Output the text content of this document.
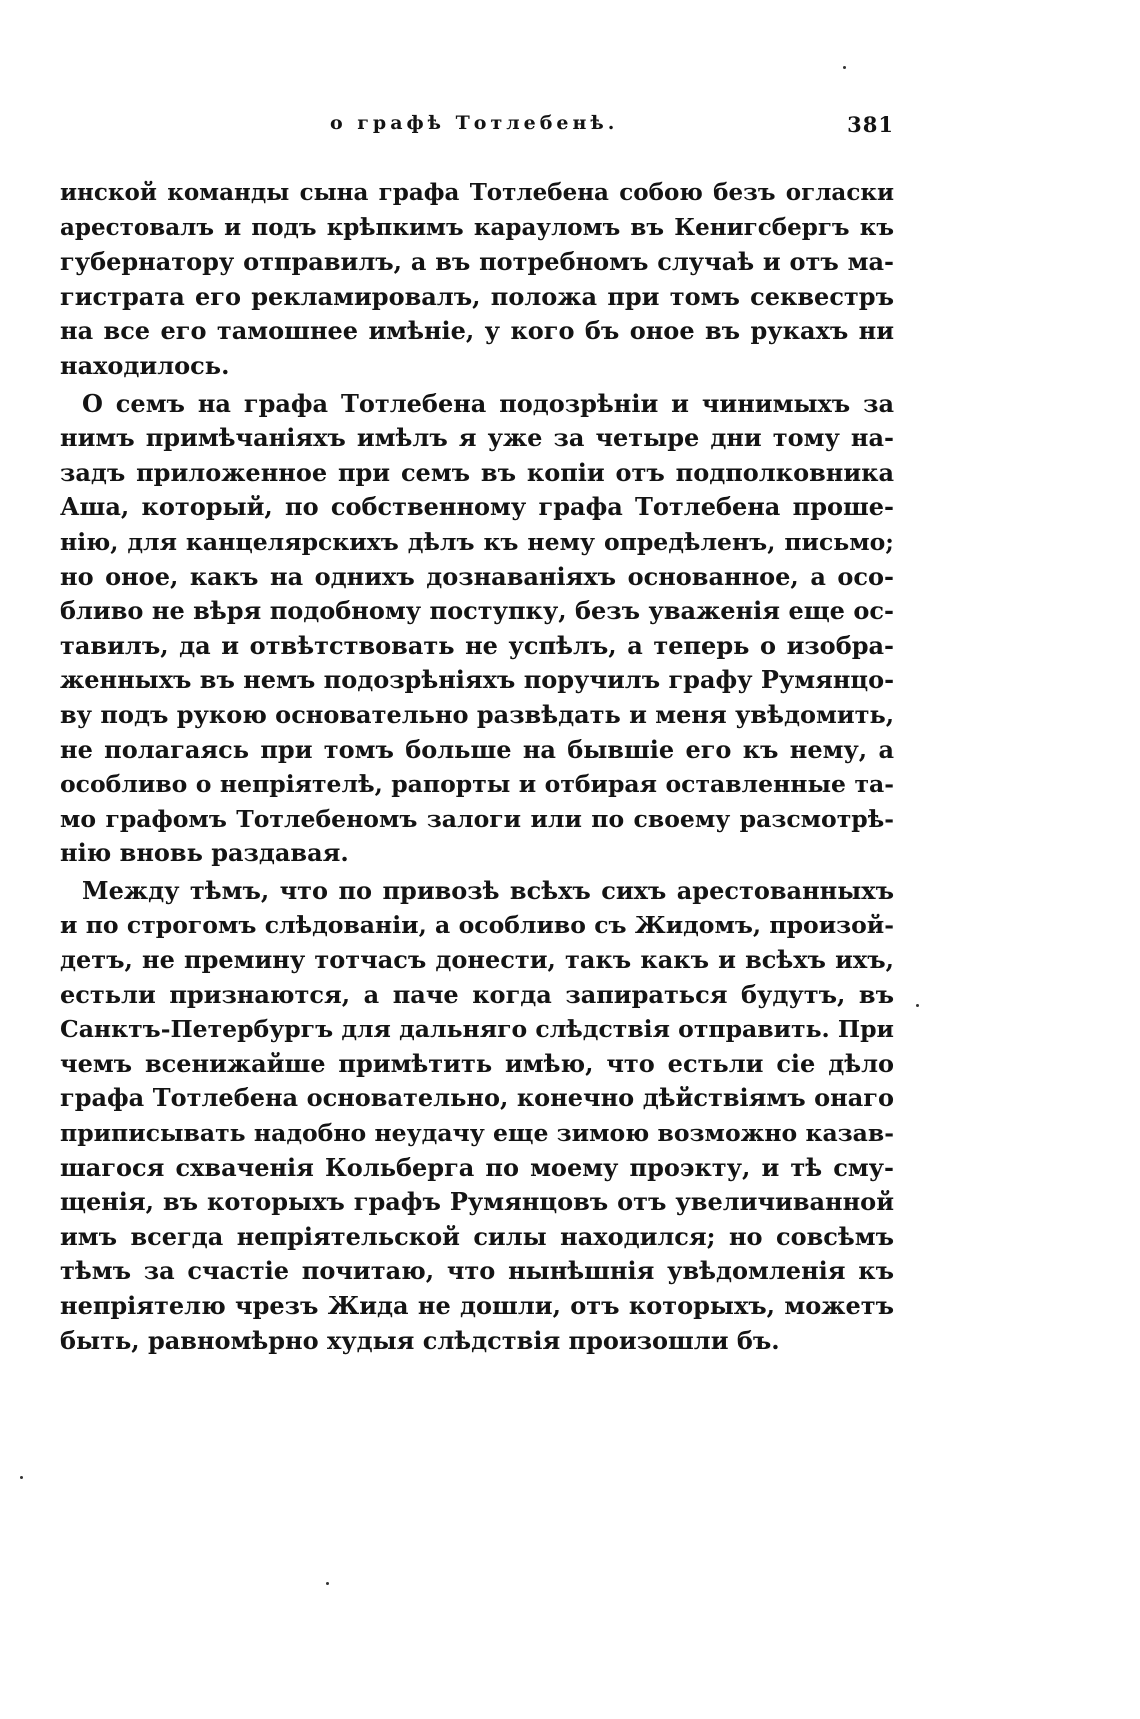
о графѣ Тотлебенѣ.	381
инской команды сына графа Тотлебена собою безъ огласки
арестовалъ и подъ крѣпкимъ карауломъ въ Кенигсбергъ къ
губернатору отправилъ, а въ потребномъ случаѣ и отъ ма-
гистрата его рекламировалъ, положа при томъ секвестръ
на все его тамошнее имѣніе, у кого бъ оное въ рукахъ ни
находилось.
О семъ на графа Тотлебена подозрѣніи и чинимыхъ за
нимъ примѣчаніяхъ имѣлъ я уже за четыре дни тому на-
задъ приложенное при семъ въ копіи отъ подполковника
Аша, который, по собственному графа Тотлебена проше-
нію, для канцелярскихъ дѣлъ къ нему опредѣленъ, письмо;
но оное, какъ на однихъ дознаваніяхъ основанное, а осо-
бливо не вѣря подобному поступку, безъ уваженія еще ос-
тавилъ, да и отвѣтствовать не успѣлъ, а теперь о изобра-
женныхъ въ немъ подозрѣніяхъ поручилъ графу Румянцо-
ву подъ рукою основательно развѣдать и меня увѣдомить,
не полагаясь при томъ больше на бывшіе его къ нему, а
особливо о непріятелѣ, рапорты и отбирая оставленные та-
мо графомъ Тотлебеномъ залоги или по своему разсмотрѣ-
нію вновь раздавая.
Между тѣмъ, что по привозѣ всѣхъ сихъ арестованныхъ
и по строгомъ слѣдованіи, а особливо съ Жидомъ, произой-
детъ, не премину тотчасъ донести, такъ какъ и всѣхъ ихъ,
естьли признаются, а паче когда запираться будутъ, въ
Санктъ-Петербургъ для дальняго слѣдствія отправить. При
чемъ всенижайше примѣтить имѣю, что естьли сіе дѣло
графа Тотлебена основательно, конечно дѣйствіямъ онаго
приписывать надобно неудачу еще зимою возможно казав-
шагося схваченія Кольберга по моему проэкту, и тѣ сму-
щенія, въ которыхъ графъ Румянцовъ отъ увеличиванной
имъ всегда непріятельской силы находился; но совсѣмъ
тѣмъ за счастіе почитаю, что нынѣшнія увѣдомленія къ
непріятелю чрезъ Жида не дошли, отъ которыхъ, можетъ
быть, равномѣрно худыя слѣдствія произошли бъ.
